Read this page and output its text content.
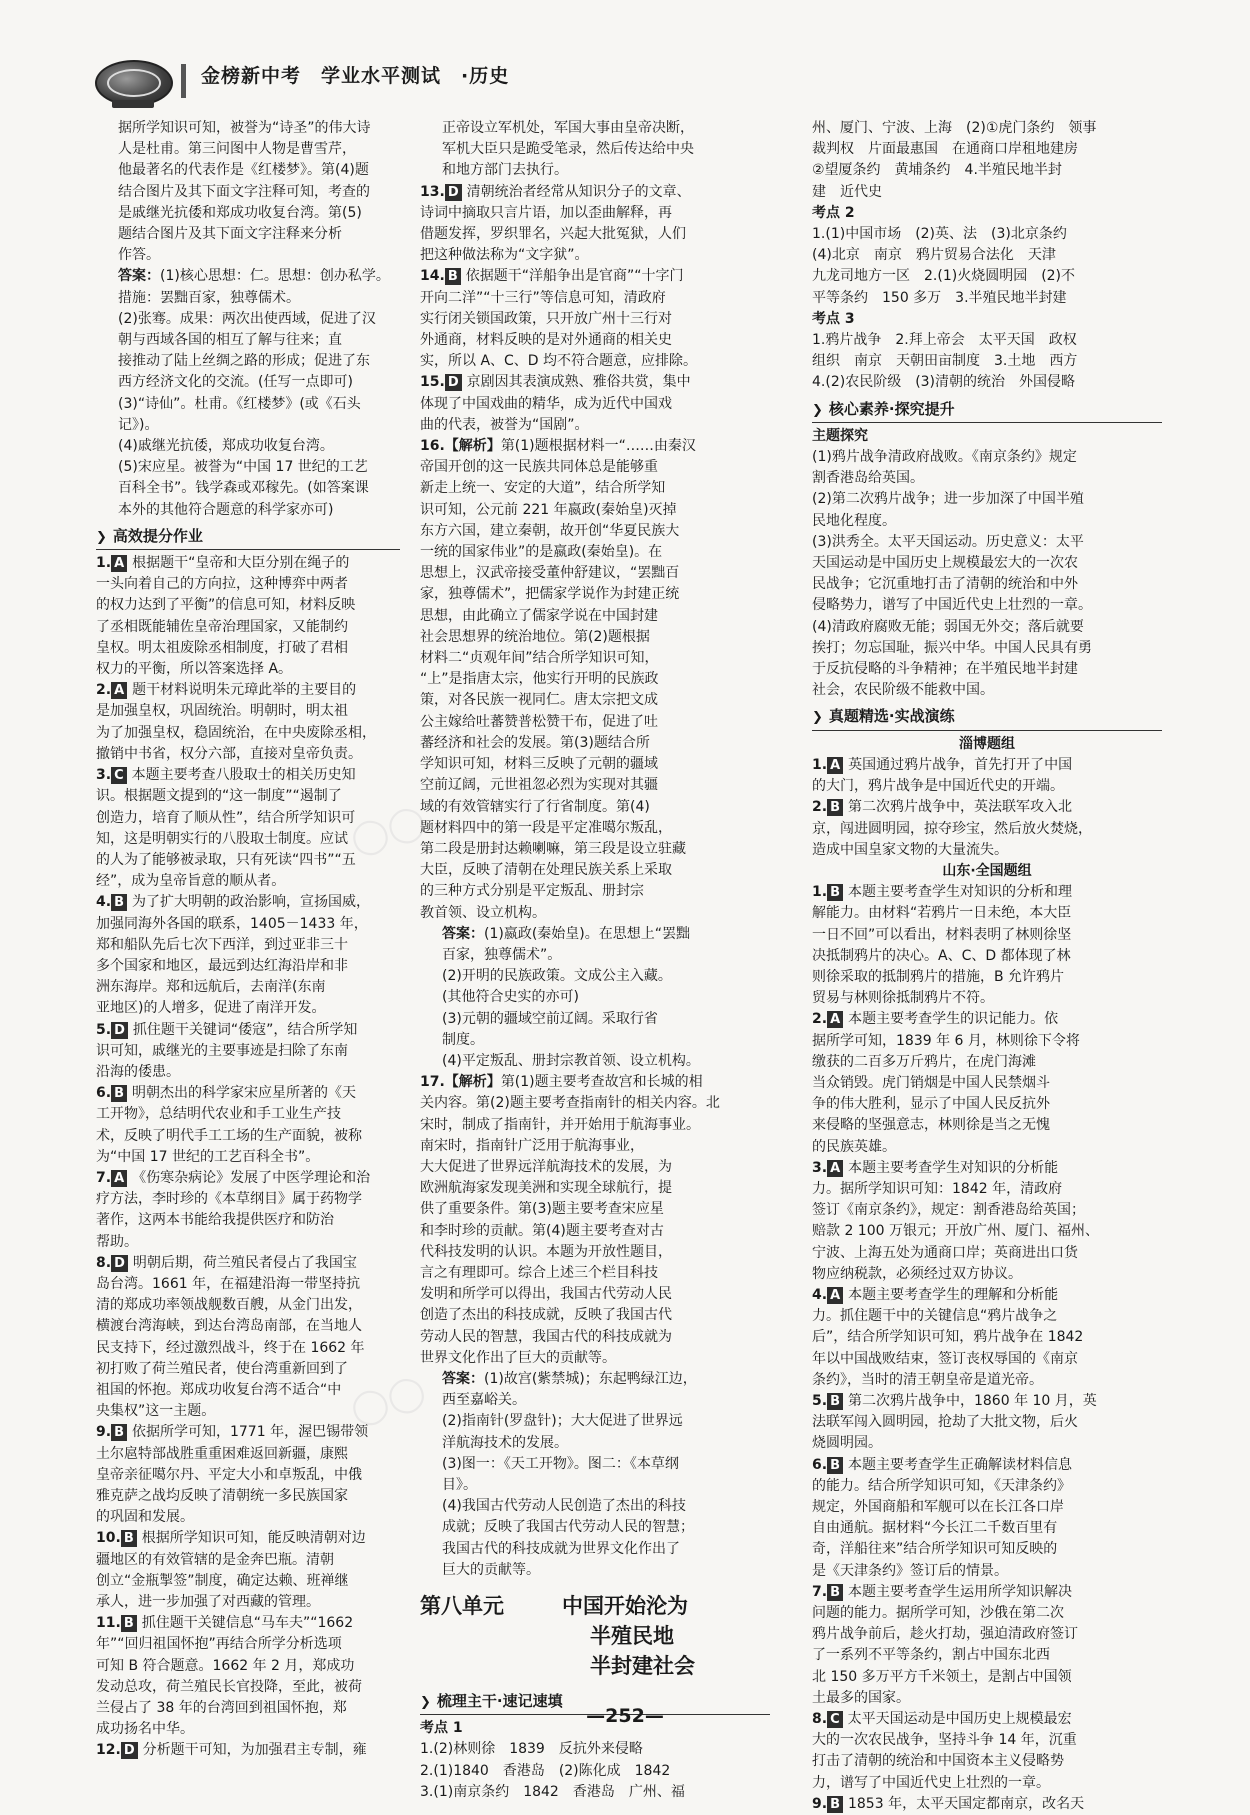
金榜新中考　学业水平测试　·历史
◯◯
◯◯

据所学知识可知，被誉为“诗圣”的伟大诗

人是杜甫。第三问图中人物是曹雪芹，

他最著名的代表作是《红楼梦》。第(4)题

结合图片及其下面文字注释可知，考查的

是戚继光抗倭和郑成功收复台湾。第(5)

题结合图片及其下面文字注释来分析

作答。

答案：(1)核心思想：仁。思想：创办私学。

措施：罢黜百家，独尊儒术。

(2)张骞。成果：两次出使西域，促进了汉

朝与西域各国的相互了解与往来；直

接推动了陆上丝绸之路的形成；促进了东

西方经济文化的交流。(任写一点即可)

(3)“诗仙”。杜甫。《红楼梦》(或《石头

记》)。

(4)戚继光抗倭，郑成功收复台湾。

(5)宋应星。被誉为“中国 17 世纪的工艺

百科全书”。钱学森或邓稼先。(如答案课

本外的其他符合题意的科学家亦可)

❯ 高效提分作业

1. A 根据题干“皇帝和大臣分别在绳子的

一头向着自己的方向拉，这种博弈中两者

的权力达到了平衡”的信息可知，材料反映

了丞相既能辅佐皇帝治理国家，又能制约

皇权。明太祖废除丞相制度，打破了君相

权力的平衡，所以答案选择 A。

2. A 题干材料说明朱元璋此举的主要目的

是加强皇权，巩固统治。明朝时，明太祖

为了加强皇权，稳固统治，在中央废除丞相，

撤销中书省，权分六部，直接对皇帝负责。

3. C 本题主要考查八股取士的相关历史知

识。根据题文提到的“这一制度”“遏制了

创造力，培育了顺从性”，结合所学知识可

知，这是明朝实行的八股取士制度。应试

的人为了能够被录取，只有死读“四书”“五

经”，成为皇帝旨意的顺从者。

4. B 为了扩大明朝的政治影响，宣扬国威，

加强同海外各国的联系，1405－1433 年，

郑和船队先后七次下西洋，到过亚非三十

多个国家和地区，最远到达红海沿岸和非

洲东海岸。郑和远航后，去南洋(东南

亚地区)的人增多，促进了南洋开发。

5. D 抓住题干关键词“倭寇”，结合所学知

识可知，戚继光的主要事迹是扫除了东南

沿海的倭患。

6. B 明朝杰出的科学家宋应星所著的《天

工开物》，总结明代农业和手工业生产技

术，反映了明代手工工场的生产面貌，被称

为“中国 17 世纪的工艺百科全书”。

7. A 《伤寒杂病论》发展了中医学理论和治

疗方法，李时珍的《本草纲目》属于药物学

著作，这两本书能给我提供医疗和防治

帮助。

8. D 明朝后期，荷兰殖民者侵占了我国宝

岛台湾。1661 年，在福建沿海一带坚持抗

清的郑成功率领战舰数百艘，从金门出发，

横渡台湾海峡，到达台湾岛南部，在当地人

民支持下，经过激烈战斗，终于在 1662 年

初打败了荷兰殖民者，使台湾重新回到了

祖国的怀抱。郑成功收复台湾不适合“中

央集权”这一主题。

9. B 依据所学可知，1771 年，渥巴锡带领

土尔扈特部战胜重重困难返回新疆，康熙

皇帝亲征噶尔丹、平定大小和卓叛乱，中俄

雅克萨之战均反映了清朝统一多民族国家

的巩固和发展。

10. B 根据所学知识可知，能反映清朝对边

疆地区的有效管辖的是金奔巴瓶。清朝

创立“金瓶掣签”制度，确定达赖、班禅继

承人，进一步加强了对西藏的管理。

11. B 抓住题干关键信息“马车夫”“1662

年”“回归祖国怀抱”再结合所学分析选项

可知 B 符合题意。1662 年 2 月，郑成功

发动总攻，荷兰殖民长官投降，至此，被荷

兰侵占了 38 年的台湾回到祖国怀抱，郑

成功扬名中华。

12. D 分析题干可知，为加强君主专制，雍

正帝设立军机处，军国大事由皇帝决断，

军机大臣只是跪受笔录，然后传达给中央

和地方部门去执行。

13. D 清朝统治者经常从知识分子的文章、

诗词中摘取只言片语，加以歪曲解释，再

借题发挥，罗织罪名，兴起大批冤狱，人们

把这种做法称为“文字狱”。

14. B 依据题干“洋船争出是官商”“十字门

开向二洋”“十三行”等信息可知，清政府

实行闭关锁国政策，只开放广州十三行对

外通商，材料反映的是对外通商的相关史

实，所以 A、C、D 均不符合题意，应排除。

15. D 京剧因其表演成熟、雅俗共赏，集中

体现了中国戏曲的精华，成为近代中国戏

曲的代表，被誉为“国剧”。

16.【解析】第(1)题根据材料一“……由秦汉

帝国开创的这一民族共同体总是能够重

新走上统一、安定的大道”，结合所学知

识可知，公元前 221 年嬴政(秦始皇)灭掉

东方六国，建立秦朝，故开创“华夏民族大

一统的国家伟业”的是嬴政(秦始皇)。在

思想上，汉武帝接受董仲舒建议，“罢黜百

家，独尊儒术”，把儒家学说作为封建正统

思想，由此确立了儒家学说在中国封建

社会思想界的统治地位。第(2)题根据

材料二“贞观年间”结合所学知识可知，

“上”是指唐太宗，他实行开明的民族政

策，对各民族一视同仁。唐太宗把文成

公主嫁给吐蕃赞普松赞干布，促进了吐

蕃经济和社会的发展。第(3)题结合所

学知识可知，材料三反映了元朝的疆域

空前辽阔，元世祖忽必烈为实现对其疆

域的有效管辖实行了行省制度。第(4)

题材料四中的第一段是平定准噶尔叛乱，

第二段是册封达赖喇嘛，第三段是设立驻藏

大臣，反映了清朝在处理民族关系上采取

的三种方式分别是平定叛乱、册封宗

教首领、设立机构。

答案：(1)嬴政(秦始皇)。在思想上“罢黜

百家，独尊儒术”。

(2)开明的民族政策。文成公主入藏。

(其他符合史实的亦可)

(3)元朝的疆域空前辽阔。采取行省

制度。

(4)平定叛乱、册封宗教首领、设立机构。

17.【解析】第(1)题主要考查故宫和长城的相

关内容。第(2)题主要考查指南针的相关内容。北

宋时，制成了指南针，并开始用于航海事业。

南宋时，指南针广泛用于航海事业，

大大促进了世界远洋航海技术的发展，为

欧洲航海家发现美洲和实现全球航行，提

供了重要条件。第(3)题主要考查宋应星

和李时珍的贡献。第(4)题主要考查对古

代科技发明的认识。本题为开放性题目，

言之有理即可。综合上述三个栏目科技

发明和所学可以得出，我国古代劳动人民

创造了杰出的科技成就，反映了我国古代

劳动人民的智慧，我国古代的科技成就为

世界文化作出了巨大的贡献等。

答案：(1)故宫(紫禁城)；东起鸭绿江边，

西至嘉峪关。

(2)指南针(罗盘针)；大大促进了世界远

洋航海技术的发展。

(3)图一：《天工开物》。图二：《本草纲

目》。

(4)我国古代劳动人民创造了杰出的科技

成就；反映了我国古代劳动人民的智慧；

我国古代的科技成就为世界文化作出了

巨大的贡献等。

第八单元	中国开始沦为
半殖民地
半封建社会
❯ 梳理主干·速记速填

考点 1

1.(2)林则徐　1839　反抗外来侵略

2.(1)1840　香港岛　(2)陈化成　1842

3.(1)南京条约　1842　香港岛　广州、福

州、厦门、宁波、上海　(2)①虎门条约　领事

裁判权　片面最惠国　在通商口岸租地建房

②望厦条约　黄埔条约　4.半殖民地半封

建　近代史

考点 2

1.(1)中国市场　(2)英、法　(3)北京条约

(4)北京　南京　鸦片贸易合法化　天津

九龙司地方一区　2.(1)火烧圆明园　(2)不

平等条约　150 多万　3.半殖民地半封建

考点 3

1.鸦片战争　2.拜上帝会　太平天国　政权

组织　南京　天朝田亩制度　3.土地　西方

4.(2)农民阶级　(3)清朝的统治　外国侵略

❯ 核心素养·探究提升

主题探究

(1)鸦片战争清政府战败。《南京条约》规定

割香港岛给英国。

(2)第二次鸦片战争；进一步加深了中国半殖

民地化程度。

(3)洪秀全。太平天国运动。历史意义：太平

天国运动是中国历史上规模最宏大的一次农

民战争；它沉重地打击了清朝的统治和中外

侵略势力，谱写了中国近代史上壮烈的一章。

(4)清政府腐败无能；弱国无外交；落后就要

挨打；勿忘国耻，振兴中华。中国人民具有勇

于反抗侵略的斗争精神；在半殖民地半封建

社会，农民阶级不能救中国。

❯ 真题精选·实战演练

淄博题组

1. A 英国通过鸦片战争，首先打开了中国

的大门，鸦片战争是中国近代史的开端。

2. B 第二次鸦片战争中，英法联军攻入北

京，闯进圆明园，掠夺珍宝，然后放火焚烧，

造成中国皇家文物的大量流失。

山东·全国题组

1. B 本题主要考查学生对知识的分析和理

解能力。由材料“若鸦片一日未绝，本大臣

一日不回”可以看出，材料表明了林则徐坚

决抵制鸦片的决心。A、C、D 都体现了林

则徐采取的抵制鸦片的措施，B 允许鸦片

贸易与林则徐抵制鸦片不符。

2. A 本题主要考查学生的识记能力。依

据所学可知，1839 年 6 月，林则徐下令将

缴获的二百多万斤鸦片，在虎门海滩

当众销毁。虎门销烟是中国人民禁烟斗

争的伟大胜利，显示了中国人民反抗外

来侵略的坚强意志，林则徐是当之无愧

的民族英雄。

3. A 本题主要考查学生对知识的分析能

力。据所学知识可知：1842 年，清政府

签订《南京条约》，规定：割香港岛给英国；

赔款 2 100 万银元；开放广州、厦门、福州、

宁波、上海五处为通商口岸；英商进出口货

物应纳税款，必须经过双方协议。

4. A 本题主要考查学生的理解和分析能

力。抓住题干中的关键信息“鸦片战争之

后”，结合所学知识可知，鸦片战争在 1842

年以中国战败结束，签订丧权辱国的《南京

条约》，当时的清王朝皇帝是道光帝。

5. B 第二次鸦片战争中，1860 年 10 月，英

法联军闯入圆明园，抢劫了大批文物，后火

烧圆明园。

6. B 本题主要考查学生正确解读材料信息

的能力。结合所学知识可知，《天津条约》

规定，外国商船和军舰可以在长江各口岸

自由通航。据材料“今长江二千数百里有

奇，洋船往来”结合所学知识可知反映的

是《天津条约》签订后的情景。

7. B 本题主要考查学生运用所学知识解决

问题的能力。据所学可知，沙俄在第二次

鸦片战争前后，趁火打劫，强迫清政府签订

了一系列不平等条约，割占中国东北西

北 150 多万平方千米领土，是割占中国领

土最多的国家。

8. C 太平天国运动是中国历史上规模最宏

大的一次农民战争，坚持斗争 14 年，沉重

打击了清朝的统治和中国资本主义侵略势

力，谱写了中国近代史上壮烈的一章。

9. B 1853 年，太平天国定都南京，改名天

—252—
